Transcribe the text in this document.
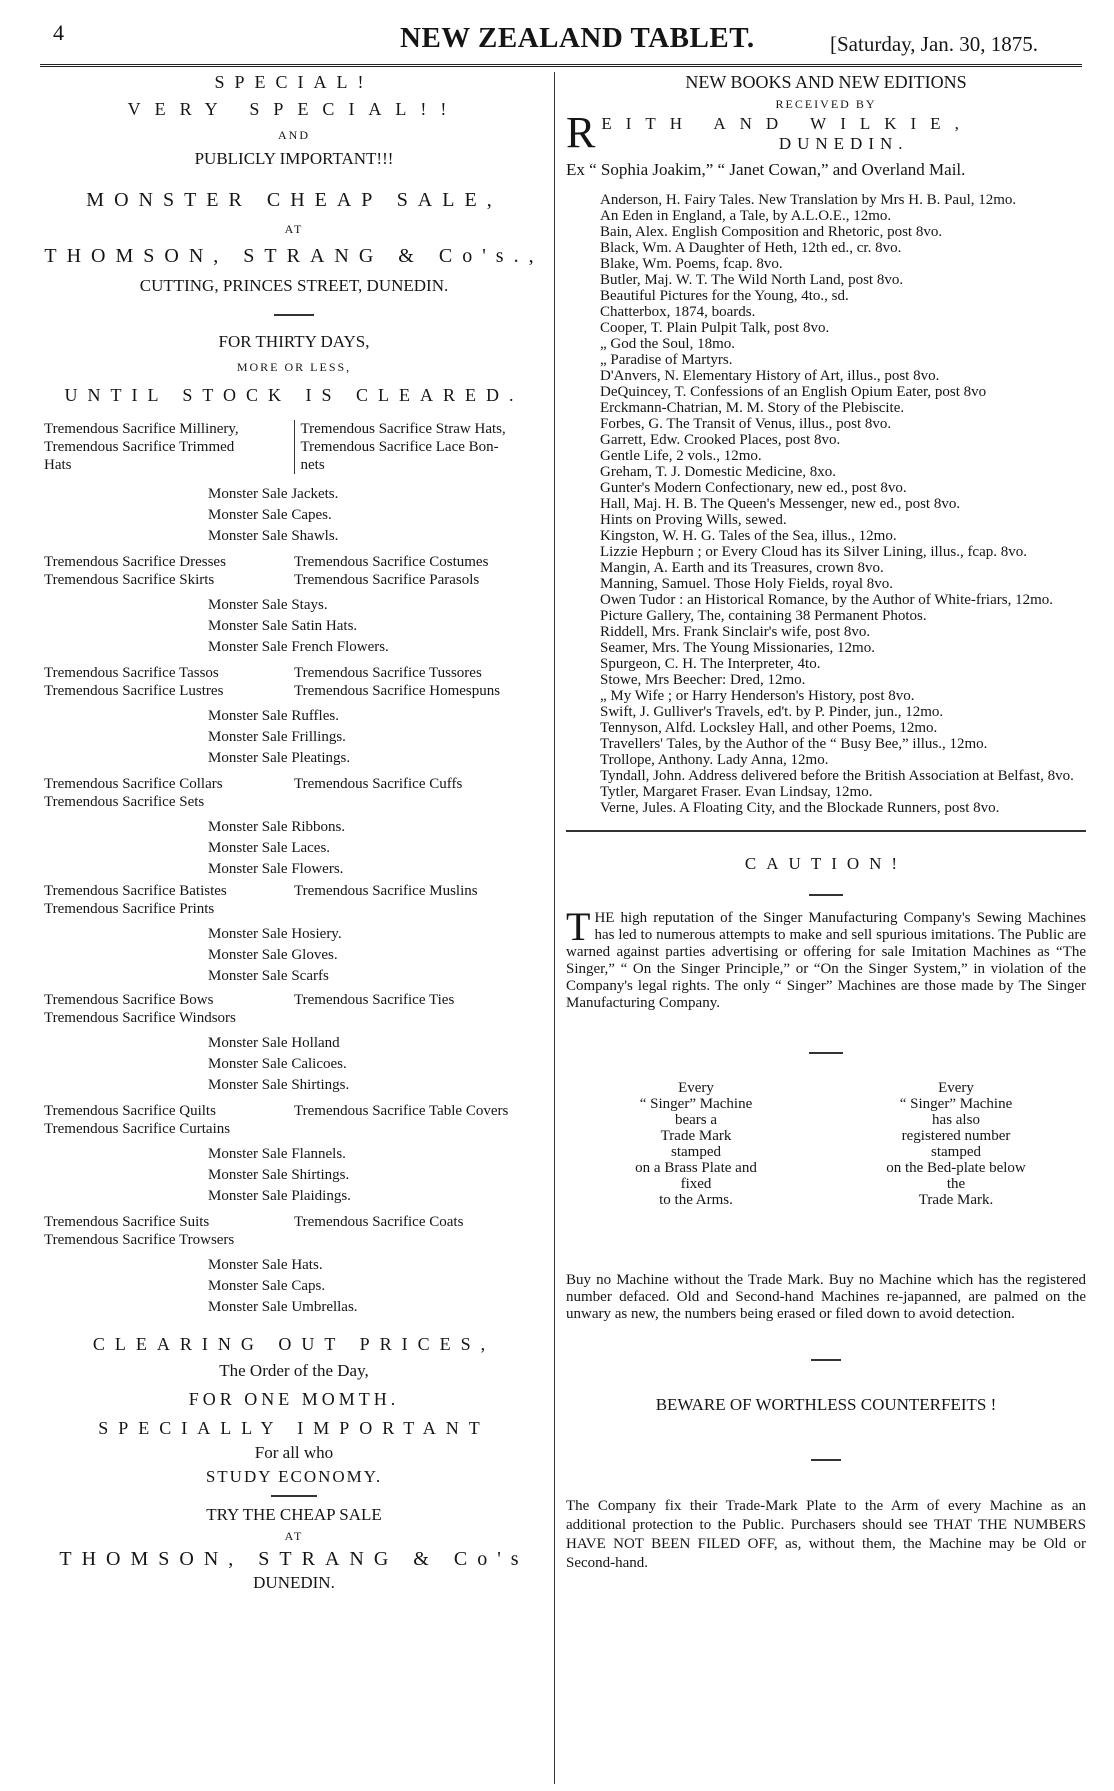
4	NEW ZEALAND TABLET.	[Saturday, Jan. 30, 1875.
SPECIAL!
VERY SPECIAL!!
AND
PUBLICLY IMPORTANT!!!
MONSTER CHEAP SALE,
AT
THOMSON, STRANG & Co's.,
CUTTING, PRINCES STREET, DUNEDIN.
FOR THIRTY DAYS,
MORE OR LESS,
UNTIL STOCK IS CLEARED.
Tremendous Sacrifice Millinery,
Tremendous Sacrifice Trimmed
Hats
Tremendous Sacrifice Straw Hats,
Tremendous Sacrifice Lace Bon-
nets
Monster Sale Jackets.
Monster Sale Capes.
Monster Sale Shawls.
Tremendous Sacrifice Dresses
Tremendous Sacrifice Skirts
Tremendous Sacrifice Costumes
Tremendous Sacrifice Parasols
Monster Sale Stays.
Monster Sale Satin Hats.
Monster Sale French Flowers.
Tremendous Sacrifice Tassos
Tremendous Sacrifice Lustres
Tremendous Sacrifice Tussores
Tremendous Sacrifice Homespuns
Monster Sale Ruffles.
Monster Sale Frillings.
Monster Sale Pleatings.
Tremendous Sacrifice Collars
Tremendous Sacrifice Sets
Tremendous Sacrifice Cuffs
Monster Sale Ribbons.
Monster Sale Laces.
Monster Sale Flowers.
Tremendous Sacrifice Batistes
Tremendous Sacrifice Prints
Tremendous Sacrifice Muslins
Monster Sale Hosiery.
Monster Sale Gloves.
Monster Sale Scarfs
Tremendous Sacrifice Bows
Tremendous Sacrifice Windsors
Tremendous Sacrifice Ties
Monster Sale Holland
Monster Sale Calicoes.
Monster Sale Shirtings.
Tremendous Sacrifice Quilts
Tremendous Sacrifice Curtains
Tremendous Sacrifice Table Covers
Monster Sale Flannels.
Monster Sale Shirtings.
Monster Sale Plaidings.
Tremendous Sacrifice Suits
Tremendous Sacrifice Trowsers
Tremendous Sacrifice Coats
Monster Sale Hats.
Monster Sale Caps.
Monster Sale Umbrellas.
CLEARING OUT PRICES,
The Order of the Day,
FOR ONE MOMTH.
SPECIALLY IMPORTANT
For all who
STUDY ECONOMY.
TRY THE CHEAP SALE
AT
THOMSON, STRANG & Co's
DUNEDIN.
NEW BOOKS AND NEW EDITIONS
RECEIVED BY
R EITH AND WILKIE,
DUNEDIN.
Ex “ Sophia Joakim,” “ Janet Cowan,” and Overland Mail.

Anderson, H. Fairy Tales. New Translation by Mrs H. B. Paul, 12mo.

An Eden in England, a Tale, by A.L.O.E., 12mo.

Bain, Alex. English Composition and Rhetoric, post 8vo.

Black, Wm. A Daughter of Heth, 12th ed., cr. 8vo.

Blake, Wm. Poems, fcap. 8vo.

Butler, Maj. W. T. The Wild North Land, post 8vo.

Beautiful Pictures for the Young, 4to., sd.

Chatterbox, 1874, boards.

Cooper, T. Plain Pulpit Talk, post 8vo.

„ God the Soul, 18mo.

„ Paradise of Martyrs.

D'Anvers, N. Elementary History of Art, illus., post 8vo.

DeQuincey, T. Confessions of an English Opium Eater, post 8vo

Erckmann-Chatrian, M. M. Story of the Plebiscite.

Forbes, G. The Transit of Venus, illus., post 8vo.

Garrett, Edw. Crooked Places, post 8vo.

Gentle Life, 2 vols., 12mo.

Greham, T. J. Domestic Medicine, 8xo.

Gunter's Modern Confectionary, new ed., post 8vo.

Hall, Maj. H. B. The Queen's Messenger, new ed., post 8vo.

Hints on Proving Wills, sewed.

Kingston, W. H. G. Tales of the Sea, illus., 12mo.

Lizzie Hepburn ; or Every Cloud has its Silver Lining, illus., fcap. 8vo.

Mangin, A. Earth and its Treasures, crown 8vo.

Manning, Samuel. Those Holy Fields, royal 8vo.

Owen Tudor : an Historical Romance, by the Author of White-friars, 12mo.

Picture Gallery, The, containing 38 Permanent Photos.

Riddell, Mrs. Frank Sinclair's wife, post 8vo.

Seamer, Mrs. The Young Missionaries, 12mo.

Spurgeon, C. H. The Interpreter, 4to.

Stowe, Mrs Beecher: Dred, 12mo.

„ My Wife ; or Harry Henderson's History, post 8vo.

Swift, J. Gulliver's Travels, ed't. by P. Pinder, jun., 12mo.

Tennyson, Alfd. Locksley Hall, and other Poems, 12mo.

Travellers' Tales, by the Author of the “ Busy Bee,” illus., 12mo.

Trollope, Anthony. Lady Anna, 12mo.

Tyndall, John. Address delivered before the British Association at Belfast, 8vo.

Tytler, Margaret Fraser. Evan Lindsay, 12mo.

Verne, Jules. A Floating City, and the Blockade Runners, post 8vo.

CAUTION!
T HE high reputation of the Singer Manufacturing Company's Sewing Machines has led to numerous attempts to make and sell spurious imitations. The Public are warned against parties advertising or offering for sale Imitation Machines as “The Singer,” “ On the Singer Principle,” or “On the Singer System,” in violation of the Company's legal rights. The only “ Singer” Machines are those made by The Singer Manufacturing Company.
Every
“ Singer” Machine
bears a
Trade Mark
stamped
on a Brass Plate and
fixed
to the Arms.
Every
“ Singer” Machine
has also
registered number
stamped
on the Bed-plate below
the
Trade Mark.
Buy no Machine without the Trade Mark. Buy no Machine which has the registered number defaced. Old and Second-hand Machines re-japanned, are palmed on the unwary as new, the numbers being erased or filed down to avoid detection.
BEWARE OF WORTHLESS COUNTERFEITS !
The Company fix their Trade-Mark Plate to the Arm of every Machine as an additional protection to the Public. Purchasers should see THAT THE NUMBERS HAVE NOT BEEN FILED OFF, as, without them, the Machine may be Old or Second-hand.
